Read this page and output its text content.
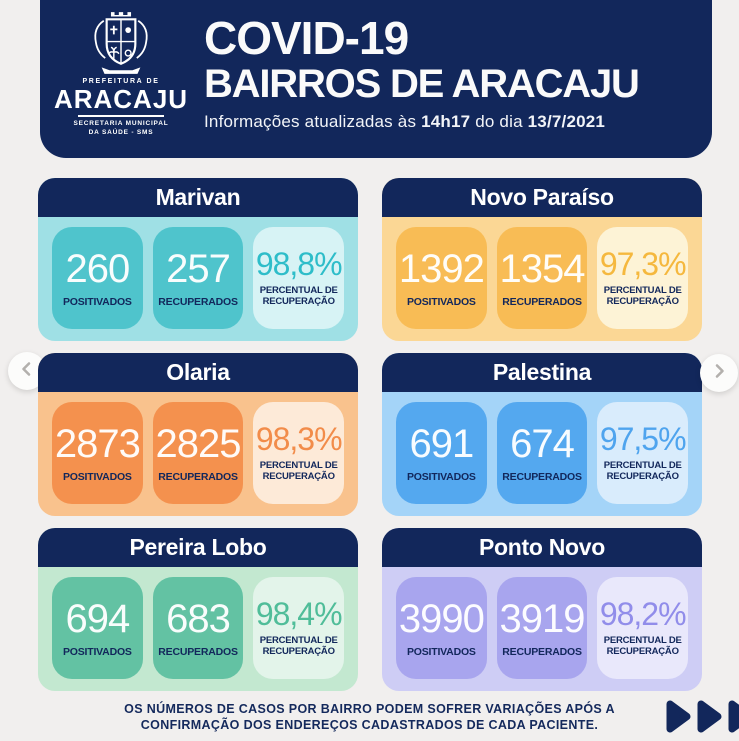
PREFEITURA DE
ARACAJU
SECRETARIA MUNICIPAL
DA SAÚDE - SMS
COVID-19
BAIRROS DE ARACAJU
Informações atualizadas às 14h17 do dia 13/7/2021
Marivan
260
POSITIVADOS
257
RECUPERADOS
98,8%
PERCENTUAL DE
RECUPERAÇÃO
Novo Paraíso
1392
POSITIVADOS
1354
RECUPERADOS
97,3%
PERCENTUAL DE
RECUPERAÇÃO
Olaria
2873
POSITIVADOS
2825
RECUPERADOS
98,3%
PERCENTUAL DE
RECUPERAÇÃO
Palestina
691
POSITIVADOS
674
RECUPERADOS
97,5%
PERCENTUAL DE
RECUPERAÇÃO
Pereira Lobo
694
POSITIVADOS
683
RECUPERADOS
98,4%
PERCENTUAL DE
RECUPERAÇÃO
Ponto Novo
3990
POSITIVADOS
3919
RECUPERADOS
98,2%
PERCENTUAL DE
RECUPERAÇÃO
OS NÚMEROS DE CASOS POR BAIRRO PODEM SOFRER VARIAÇÕES APÓS A
CONFIRMAÇÃO DOS ENDEREÇOS CADASTRADOS DE CADA PACIENTE.
